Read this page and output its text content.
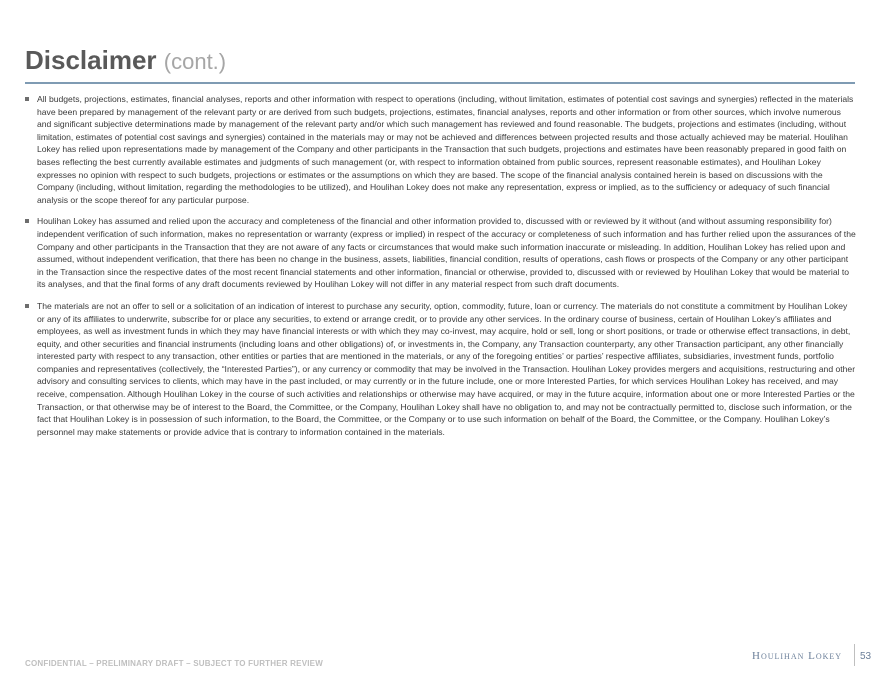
Disclaimer (cont.)

All budgets, projections, estimates, financial analyses, reports and other information with respect to operations (including, without limitation, estimates of potential cost savings and synergies) reflected in the materials have been prepared by management of the relevant party or are derived from such budgets, projections, estimates, financial analyses, reports and other information or from other sources, which involve numerous and significant subjective determinations made by management of the relevant party and/or which such management has reviewed and found reasonable. The budgets, projections and estimates (including, without limitation, estimates of potential cost savings and synergies) contained in the materials may or may not be achieved and differences between projected results and those actually achieved may be material. Houlihan Lokey has relied upon representations made by management of the Company and other participants in the Transaction that such budgets, projections and estimates have been reasonably prepared in good faith on bases reflecting the best currently available estimates and judgments of such management (or, with respect to information obtained from public sources, represent reasonable estimates), and Houlihan Lokey expresses no opinion with respect to such budgets, projections or estimates or the assumptions on which they are based. The scope of the financial analysis contained herein is based on discussions with the Company (including, without limitation, regarding the methodologies to be utilized), and Houlihan Lokey does not make any representation, express or implied, as to the sufficiency or adequacy of such financial analysis or the scope thereof for any particular purpose.

Houlihan Lokey has assumed and relied upon the accuracy and completeness of the financial and other information provided to, discussed with or reviewed by it without (and without assuming responsibility for) independent verification of such information, makes no representation or warranty (express or implied) in respect of the accuracy or completeness of such information and has further relied upon the assurances of the Company and other participants in the Transaction that they are not aware of any facts or circumstances that would make such information inaccurate or misleading. In addition, Houlihan Lokey has relied upon and assumed, without independent verification, that there has been no change in the business, assets, liabilities, financial condition, results of operations, cash flows or prospects of the Company or any other participant in the Transaction since the respective dates of the most recent financial statements and other information, financial or otherwise, provided to, discussed with or reviewed by Houlihan Lokey that would be material to its analyses, and that the final forms of any draft documents reviewed by Houlihan Lokey will not differ in any material respect from such draft documents.

The materials are not an offer to sell or a solicitation of an indication of interest to purchase any security, option, commodity, future, loan or currency. The materials do not constitute a commitment by Houlihan Lokey or any of its affiliates to underwrite, subscribe for or place any securities, to extend or arrange credit, or to provide any other services. In the ordinary course of business, certain of Houlihan Lokey’s affiliates and employees, as well as investment funds in which they may have financial interests or with which they may co-invest, may acquire, hold or sell, long or short positions, or trade or otherwise effect transactions, in debt, equity, and other securities and financial instruments (including loans and other obligations) of, or investments in, the Company, any Transaction counterparty, any other Transaction participant, any other financially interested party with respect to any transaction, other entities or parties that are mentioned in the materials, or any of the foregoing entities’ or parties’ respective affiliates, subsidiaries, investment funds, portfolio companies and representatives (collectively, the “Interested Parties”), or any currency or commodity that may be involved in the Transaction. Houlihan Lokey provides mergers and acquisitions, restructuring and other advisory and consulting services to clients, which may have in the past included, or may currently or in the future include, one or more Interested Parties, for which services Houlihan Lokey has received, and may receive, compensation. Although Houlihan Lokey in the course of such activities and relationships or otherwise may have acquired, or may in the future acquire, information about one or more Interested Parties or the Transaction, or that otherwise may be of interest to the Board, the Committee, or the Company, Houlihan Lokey shall have no obligation to, and may not be contractually permitted to, disclose such information, or the fact that Houlihan Lokey is in possession of such information, to the Board, the Committee, or the Company or to use such information on behalf of the Board, the Committee, or the Company. Houlihan Lokey’s personnel may make statements or provide advice that is contrary to information contained in the materials.

CONFIDENTIAL – PRELIMINARY DRAFT – SUBJECT TO FURTHER REVIEW
Houlihan Lokey 53
